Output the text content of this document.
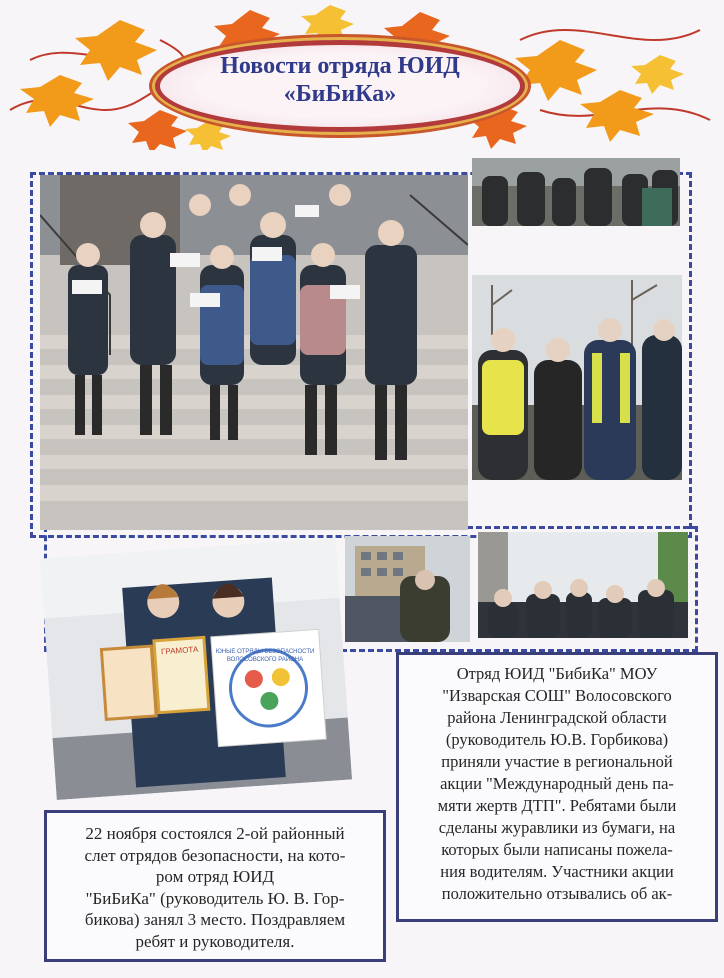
Новости отряда ЮИД
«БиБиКа»
ГРАМОТА	ЮНЫЕ ОТРЯДЫ БЕЗОПАСНОСТИ ВОЛОСОВСКОГО РАЙОНА

22 ноября состоялся 2-ой районный

слет отрядов безопасности, на кото-

ром отряд ЮИД

"БиБиКа" (руководитель Ю. В. Гор-

бикова) занял 3 место. Поздравляем

ребят и руководителя.

Отряд ЮИД "БибиКа" МОУ

"Изварская СОШ" Волосовского

района Ленинградской области

(руководитель Ю.В. Горбикова)

приняли участие в региональной

акции "Международный день па-

мяти жертв ДТП". Ребятами были

сделаны журавлики из бумаги, на

которых были написаны пожела-

ния водителям. Участники акции

положительно отзывались об ак-
